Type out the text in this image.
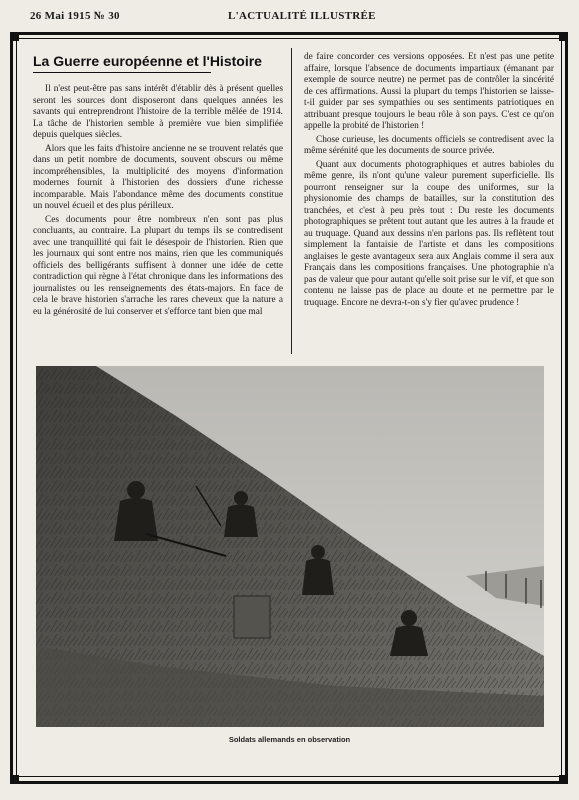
26 Mai 1915 № 30	L'ACTUALITÉ ILLUSTRÉE
La Guerre européenne et l'Histoire

Il n'est peut-être pas sans intérêt d'établir dès à présent quelles seront les sources dont disposeront dans quelques années les savants qui entreprendront l'histoire de la terrible mêlée de 1914. La tâche de l'historien semble à première vue bien simplifiée depuis quelques siècles.

Alors que les faits d'histoire ancienne ne se trouvent relatés que dans un petit nombre de documents, souvent obscurs ou même incompréhensibles, la multiplicité des moyens d'information modernes fournit à l'historien des dossiers d'une richesse incomparable. Mais l'abondance même des documents constitue un nouvel écueil et des plus périlleux.

Ces documents pour être nombreux n'en sont pas plus concluants, au contraire. La plupart du temps ils se contredisent avec une tranquillité qui fait le désespoir de l'historien. Rien que les journaux qui sont entre nos mains, rien que les communiqués officiels des belligérants suffisent à donner une idée de cette contradiction qui règne à l'état chronique dans les informations des journalistes ou les renseignements des états-majors. En face de cela le brave historien s'arrache les rares cheveux que la nature a eu la générosité de lui conserver et s'efforce tant bien que mal

de faire concorder ces versions opposées. Et n'est pas une petite affaire, lorsque l'absence de documents impartiaux (émanant par exemple de source neutre) ne permet pas de contrôler la sincérité de ces affirmations. Aussi la plupart du temps l'historien se laisse-t-il guider par ses sympathies ou ses sentiments patriotiques en attribuant presque toujours le beau rôle à son pays. C'est ce qu'on appelle la probité de l'historien !

Chose curieuse, les documents officiels se contredisent avec la même sérénité que les documents de source privée.

Quant aux documents photographiques et autres babioles du même genre, ils n'ont qu'une valeur purement superficielle. Ils pourront renseigner sur la coupe des uniformes, sur la physionomie des champs de batailles, sur la constitution des tranchées, et c'est à peu près tout : Du reste les documents photographiques se prêtent tout autant que les autres à la fraude et au truquage. Quand aux dessins n'en parlons pas. Ils reflètent tout simplement la fantaisie de l'artiste et dans les compositions anglaises le geste avantageux sera aux Anglais comme il sera aux Français dans les compositions françaises. Une photographie n'a pas de valeur que pour autant qu'elle soit prise sur le vif, et que son contenu ne laisse pas de place au doute et ne permettre par le truquage. Encore ne devra-t-on s'y fier qu'avec prudence !

Soldats allemands en observation
